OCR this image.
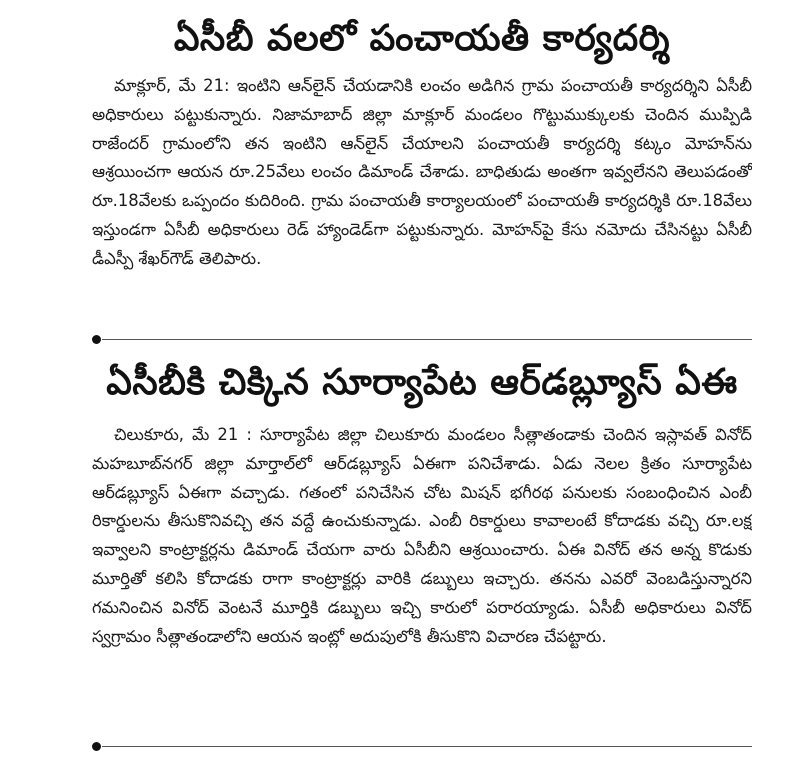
ఏసీబీ వలలో పంచాయతీ కార్యదర్శి

మాక్లూర్, మే 21: ఇంటిని ఆన్‌లైన్ చేయడానికి లంచం అడిగిన గ్రామ పంచాయతీ కార్యదర్శిని ఏసీబీ అధికారులు పట్టుకున్నారు. నిజామాబాద్ జిల్లా మాక్లూర్ మండలం గొట్టుముక్కులకు చెందిన ముప్పిడి రాజేందర్ గ్రామంలోని తన ఇంటిని ఆన్‌లైన్ చేయాలని పంచాయతీ కార్యదర్శి కట్కం మోహన్‌ను ఆశ్రయించగా ఆయన రూ.25వేలు లంచం డిమాండ్ చేశాడు. బాధితుడు అంతగా ఇవ్వలేనని తెలుపడంతో రూ.18వేలకు ఒప్పందం కుదిరింది. గ్రామ పంచాయతీ కార్యాలయంలో పంచాయతీ కార్యదర్శికి రూ.18వేలు ఇస్తుండగా ఏసీబీ అధికారులు రెడ్ హ్యాండెడ్‌గా పట్టుకున్నారు. మోహన్‌పై కేసు నమోదు చేసినట్టు ఏసీబీ డీఎస్పీ శేఖర్‌గౌడ్ తెలిపారు.

ఏసీబీకి చిక్కిన సూర్యాపేట ఆర్‌డబ్ల్యూస్ ఏఈ

చిలుకూరు, మే 21 : సూర్యాపేట జిల్లా చిలుకూరు మండలం సీత్లాతండాకు చెందిన ఇస్లావత్ వినోద్ మహబూబ్‌నగర్ జిల్లా మార్తాల్‌లో ఆర్‌డబ్ల్యూస్ ఏఈగా పనిచేశాడు. ఏడు నెలల క్రితం సూర్యాపేట ఆర్‌డబ్ల్యూస్ ఏఈగా వచ్చాడు. గతంలో పనిచేసిన చోట మిషన్ భగీరథ పనులకు సంబంధించిన ఎంబీ రికార్డులను తీసుకొనివచ్చి తన వద్దే ఉంచుకున్నాడు. ఎంబీ రికార్డులు కావాలంటే కోదాడకు వచ్చి రూ.లక్ష ఇవ్వాలని కాంట్రాక్టర్లను డిమాండ్ చేయగా వారు ఏసీబీని ఆశ్రయించారు. ఏఈ వినోద్ తన అన్న కొడుకు మూర్తితో కలిసి కోదాడకు రాగా కాంట్రాక్టర్లు వారికి డబ్బులు ఇచ్చారు. తనను ఎవరో వెంబడిస్తున్నారని గమనించిన వినోద్ వెంటనే మూర్తికి డబ్బులు ఇచ్చి కారులో పరారయ్యాడు. ఏసీబీ అధికారులు వినోద్ స్వగ్రామం సీత్లాతండాలోని ఆయన ఇంట్లో అదుపులోకి తీసుకొని విచారణ చేపట్టారు.
